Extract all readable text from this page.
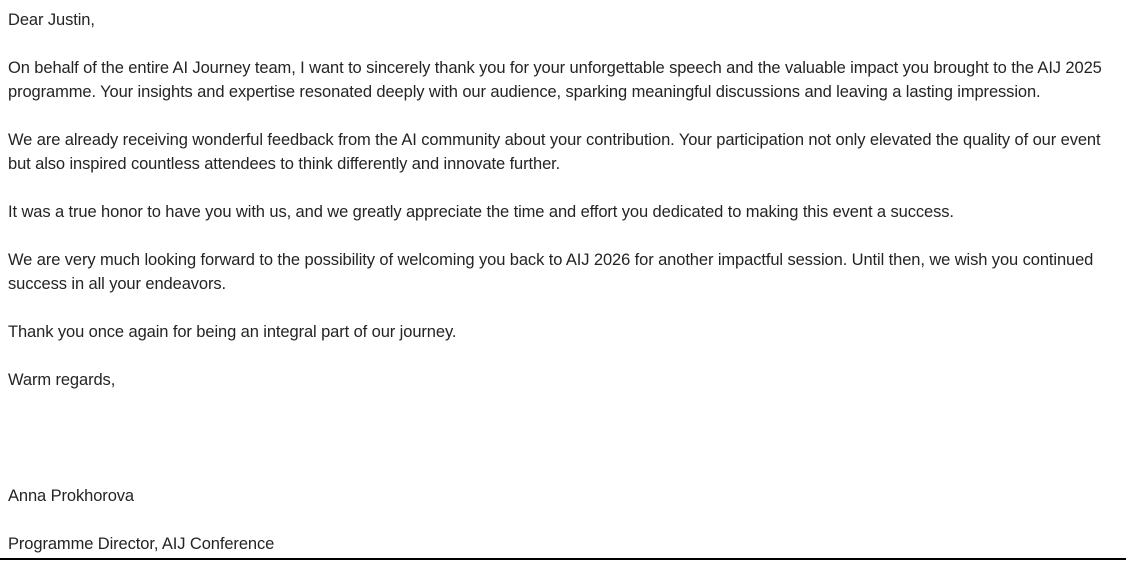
Dear Justin,

On behalf of the entire AI Journey team, I want to sincerely thank you for your unforgettable speech and the valuable impact you brought to the AIJ 2025 programme. Your insights and expertise resonated deeply with our audience, sparking meaningful discussions and leaving a lasting impression.

We are already receiving wonderful feedback from the AI community about your contribution. Your participation not only elevated the quality of our event but also inspired countless attendees to think differently and innovate further.

It was a true honor to have you with us, and we greatly appreciate the time and effort you dedicated to making this event a success.

We are very much looking forward to the possibility of welcoming you back to AIJ 2026 for another impactful session. Until then, we wish you continued success in all your endeavors.

Thank you once again for being an integral part of our journey.

Warm regards,

Anna Prokhorova

Programme Director, AIJ Conference
